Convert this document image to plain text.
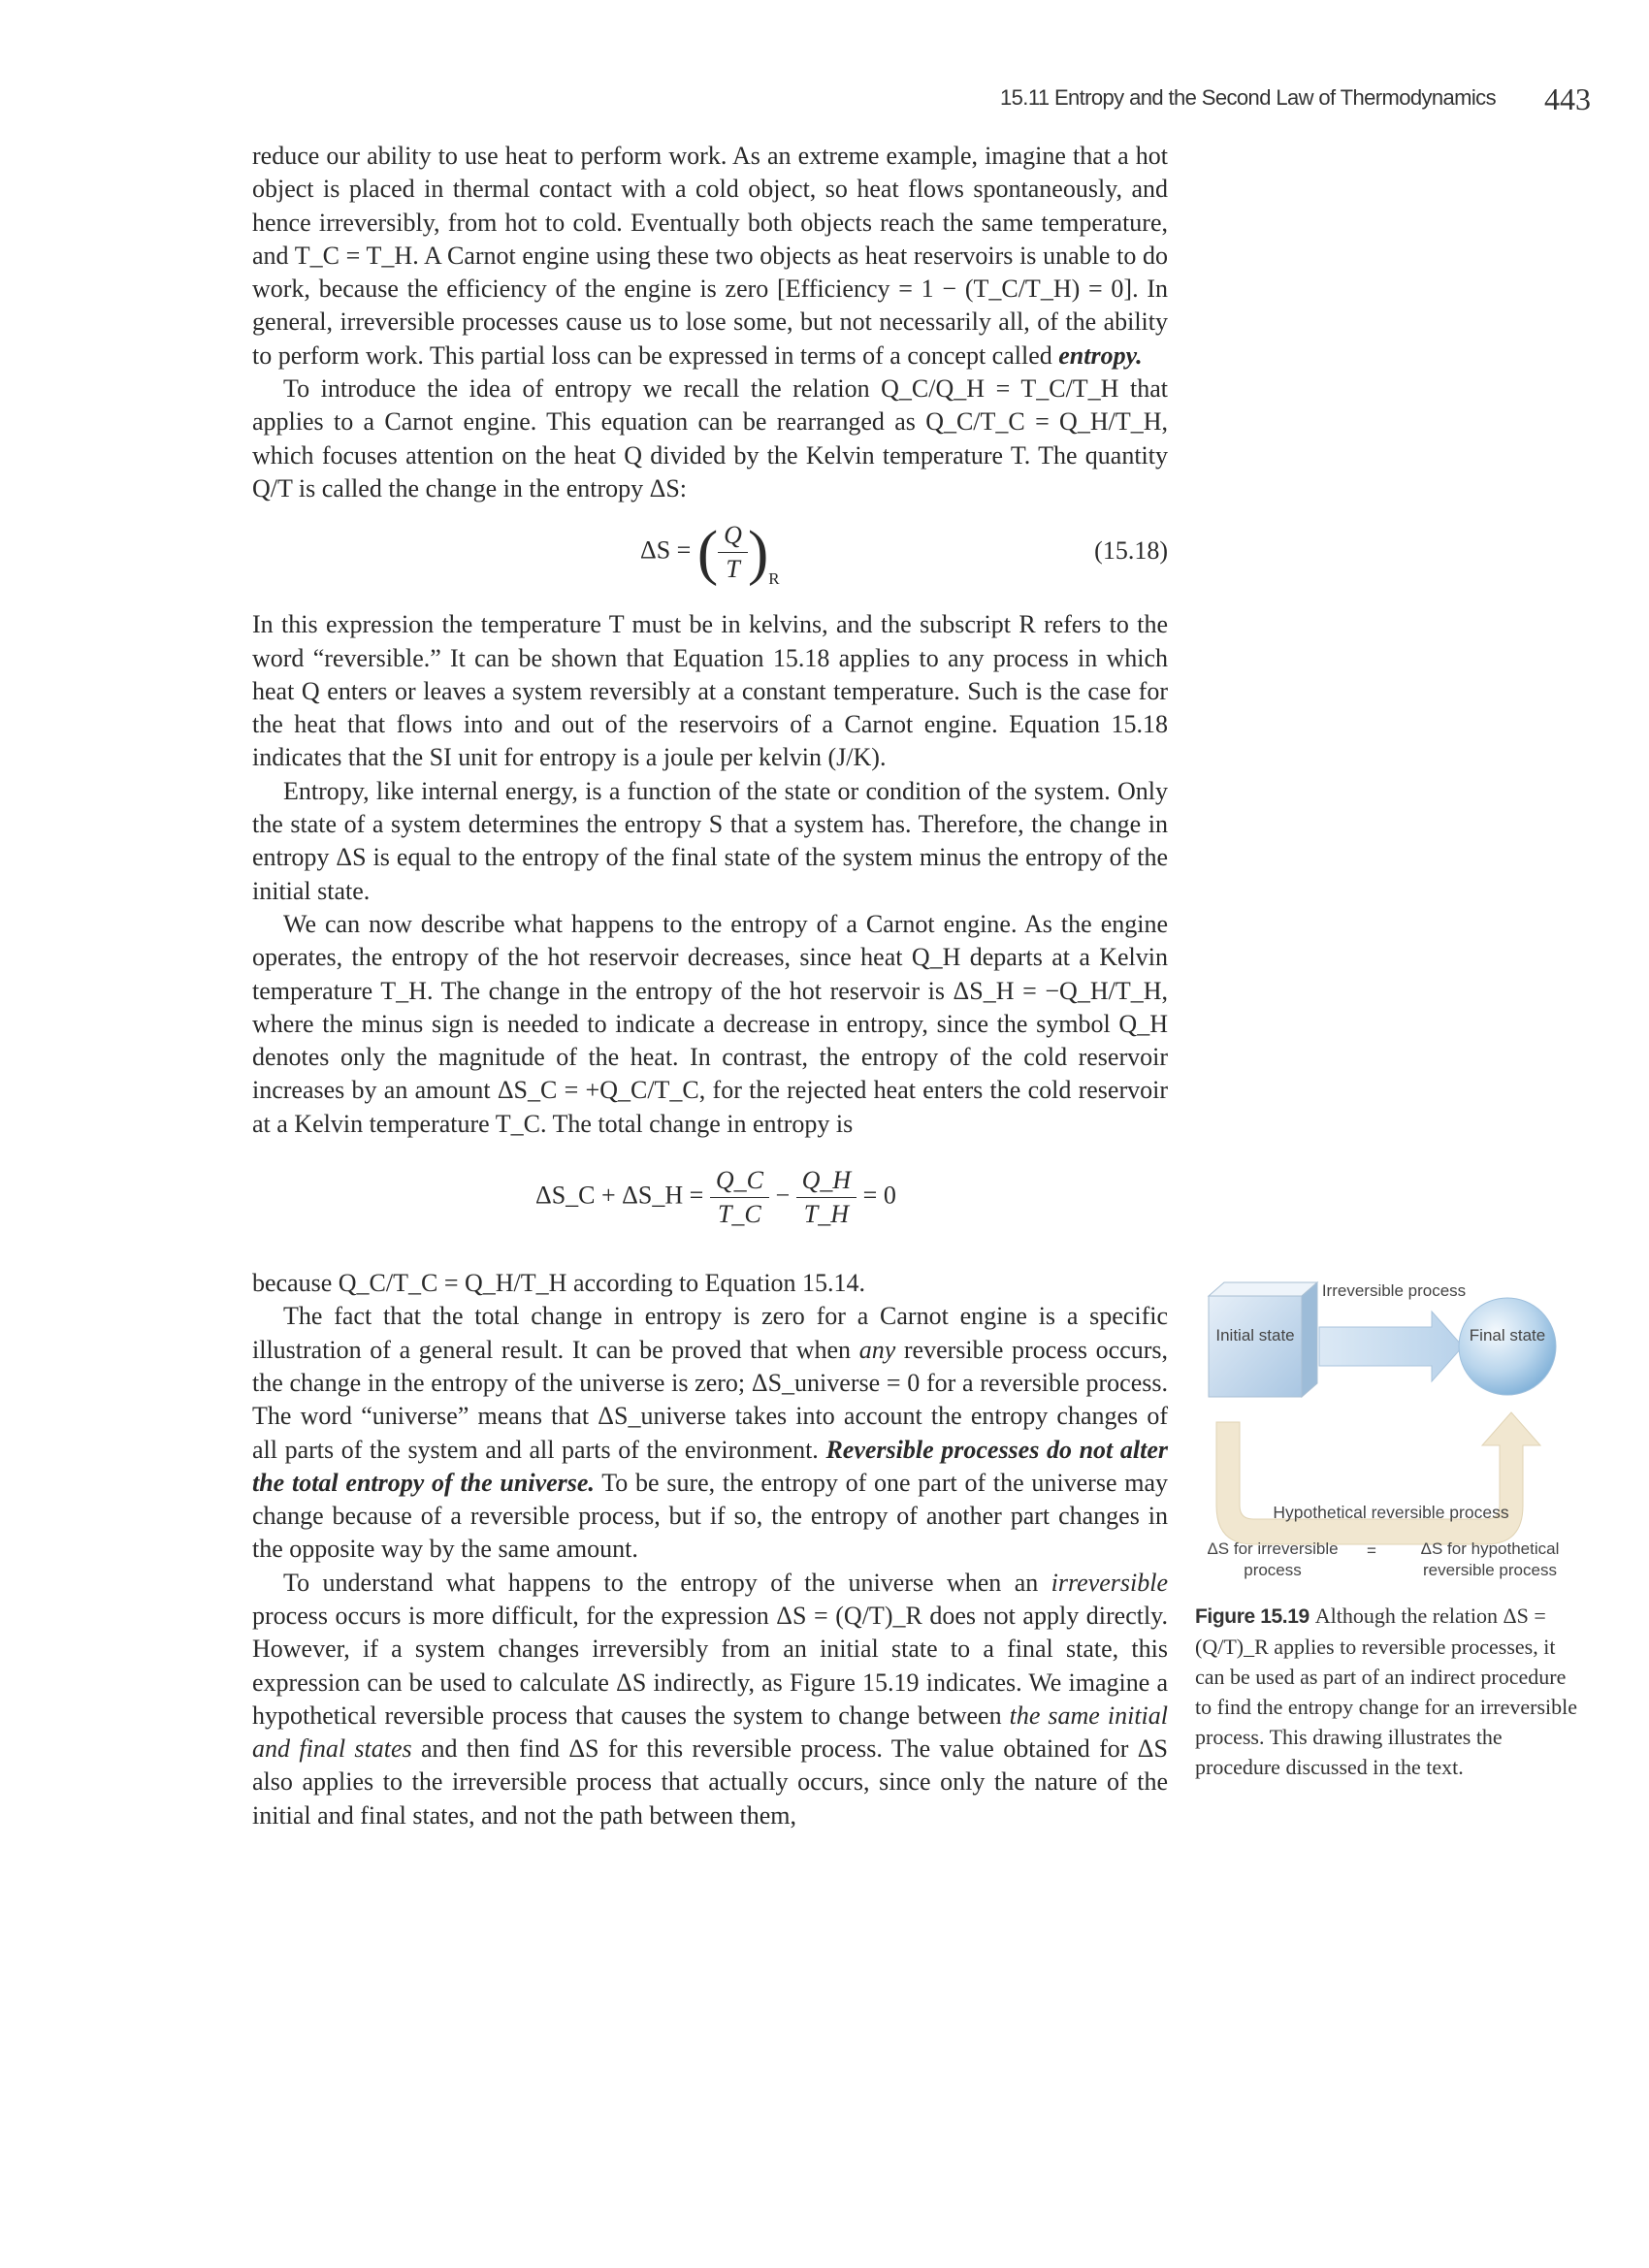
15.11 Entropy and the Second Law of Thermodynamics 443

reduce our ability to use heat to perform work. As an extreme example, imagine that a hot object is placed in thermal contact with a cold object, so heat flows spontaneously, and hence irreversibly, from hot to cold. Eventually both objects reach the same temperature, and T_C = T_H. A Carnot engine using these two objects as heat reservoirs is unable to do work, because the efficiency of the engine is zero [Efficiency = 1 − (T_C/T_H) = 0]. In general, irreversible processes cause us to lose some, but not necessarily all, of the ability to perform work. This partial loss can be expressed in terms of a concept called entropy.

To introduce the idea of entropy we recall the relation Q_C/Q_H = T_C/T_H that applies to a Carnot engine. This equation can be rearranged as Q_C/T_C = Q_H/T_H, which focuses attention on the heat Q divided by the Kelvin temperature T. The quantity Q/T is called the change in the entropy ΔS:

ΔS = ( $\frac{Q}{T} )_R$
(15.18)

In this expression the temperature T must be in kelvins, and the subscript R refers to the word “reversible.” It can be shown that Equation 15.18 applies to any process in which heat Q enters or leaves a system reversibly at a constant temperature. Such is the case for the heat that flows into and out of the reservoirs of a Carnot engine. Equation 15.18 indicates that the SI unit for entropy is a joule per kelvin (J/K).

Entropy, like internal energy, is a function of the state or condition of the system. Only the state of a system determines the entropy S that a system has. Therefore, the change in entropy ΔS is equal to the entropy of the final state of the system minus the entropy of the initial state.

We can now describe what happens to the entropy of a Carnot engine. As the engine operates, the entropy of the hot reservoir decreases, since heat Q_H departs at a Kelvin temperature T_H. The change in the entropy of the hot reservoir is ΔS_H = −Q_H/T_H, where the minus sign is needed to indicate a decrease in entropy, since the symbol Q_H denotes only the magnitude of the heat. In contrast, the entropy of the cold reservoir increases by an amount ΔS_C = +Q_C/T_C, for the rejected heat enters the cold reservoir at a Kelvin temperature T_C. The total change in entropy is

ΔS_C + ΔS_H = $\frac{Q\_C}{T\_C} - \frac{Q\_H}{T\_H} = 0$

because Q_C/T_C = Q_H/T_H according to Equation 15.14.

The fact that the total change in entropy is zero for a Carnot engine is a specific illustration of a general result. It can be proved that when any reversible process occurs, the change in the entropy of the universe is zero; ΔS_universe = 0 for a reversible process. The word “universe” means that ΔS_universe takes into account the entropy changes of all parts of the system and all parts of the environment. Reversible processes do not alter the total entropy of the universe. To be sure, the entropy of one part of the universe may change because of a reversible process, but if so, the entropy of another part changes in the opposite way by the same amount.

To understand what happens to the entropy of the universe when an irreversible process occurs is more difficult, for the expression ΔS = (Q/T)_R does not apply directly. However, if a system changes irreversibly from an initial state to a final state, this expression can be used to calculate ΔS indirectly, as Figure 15.19 indicates. We imagine a hypothetical reversible process that causes the system to change between the same initial and final states and then find ΔS for this reversible process. The value obtained for ΔS also applies to the irreversible process that actually occurs, since only the nature of the initial and final states, and not the path between them,

Initial state	Final state
Irreversible process
Hypothetical reversible process
ΔS for irreversible process
=	ΔS for hypothetical reversible process
Figure 15.19 Although the relation ΔS = (Q/T)_R applies to reversible processes, it can be used as part of an indirect procedure to find the entropy change for an irreversible process. This drawing illustrates the procedure discussed in the text.
